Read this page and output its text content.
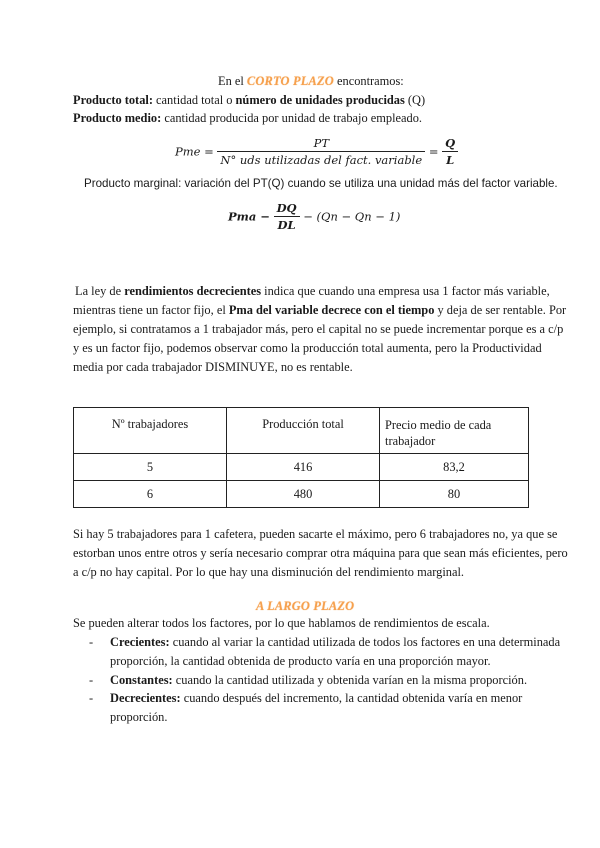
En el CORTO PLAZO encontramos:
Producto total: cantidad total o número de unidades producidas (Q)
Producto medio: cantidad producida por unidad de trabajo empleado.
Pme = $\frac{PT}{\text{N° uds utilizadas del fact. variable}} = \frac{Q}{L}$
Producto marginal: variación del PT(Q) cuando se utiliza una unidad más del factor variable.
Pma − $\frac{DQ}{DL} - (Qn - Qn - 1)$
La ley de rendimientos decrecientes indica que cuando una empresa usa 1 factor más variable,
mientras tiene un factor fijo, el Pma del variable decrece con el tiempo y deja de ser rentable. Por
ejemplo, si contratamos a 1 trabajador más, pero el capital no se puede incrementar porque es a c/p
y es un factor fijo, podemos observar como la producción total aumenta, pero la Productividad
media por cada trabajador DISMINUYE, no es rentable.
Nº trabajadores	Producción total	Precio medio de cada
trabajador
5	416	83,2
6	480	80
Si hay 5 trabajadores para 1 cafetera, pueden sacarte el máximo, pero 6 trabajadores no, ya que se
estorban unos entre otros y sería necesario comprar otra máquina para que sean más eficientes, pero
a c/p no hay capital. Por lo que hay una disminución del rendimiento marginal.
A LARGO PLAZO
Se pueden alterar todos los factores, por lo que hablamos de rendimientos de escala.
- Crecientes: cuando al variar la cantidad utilizada de todos los factores en una determinada
proporción, la cantidad obtenida de producto varía en una proporción mayor.
- Constantes: cuando la cantidad utilizada y obtenida varían en la misma proporción.
- Decrecientes: cuando después del incremento, la cantidad obtenida varía en menor
proporción.
